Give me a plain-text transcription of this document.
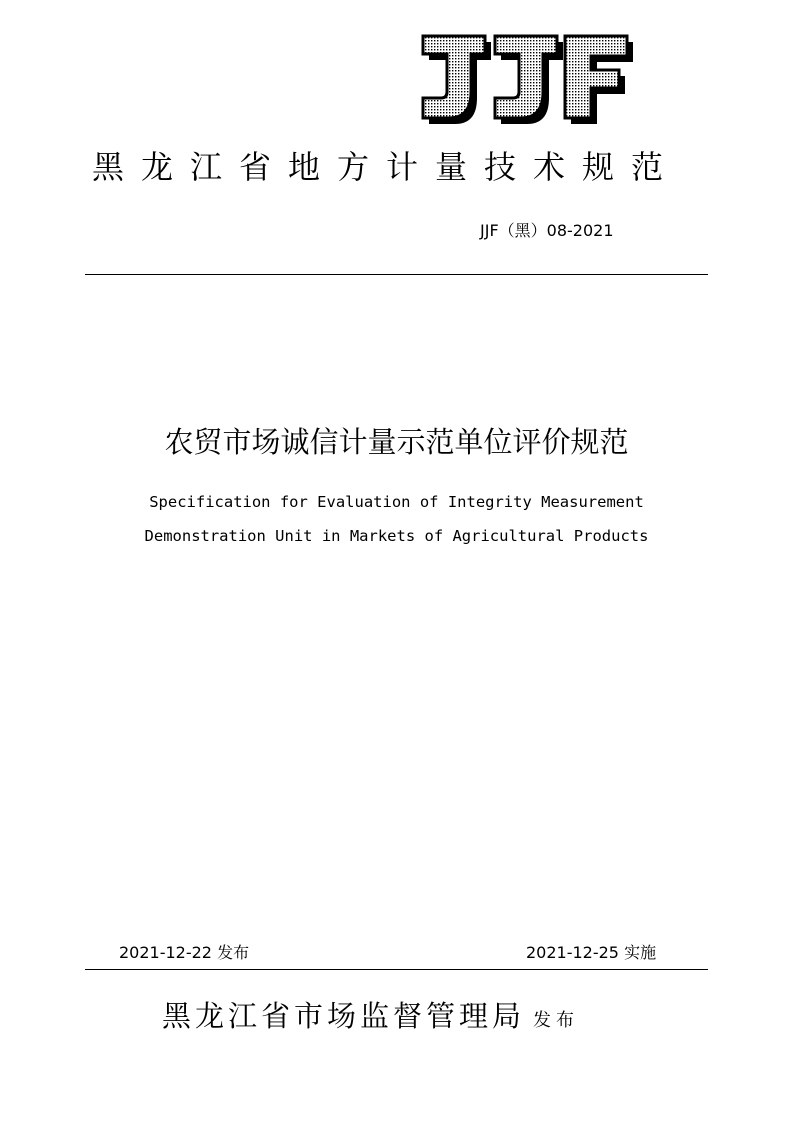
黑龙江省地方计量技术规范
JJF（黑）08-2021
农贸市场诚信计量示范单位评价规范
Specification for Evaluation of Integrity Measurement
Demonstration Unit in Markets of Agricultural Products
2021-12-22 发布	2021-12-25 实施
黑龙江省市场监督管理局 发布
